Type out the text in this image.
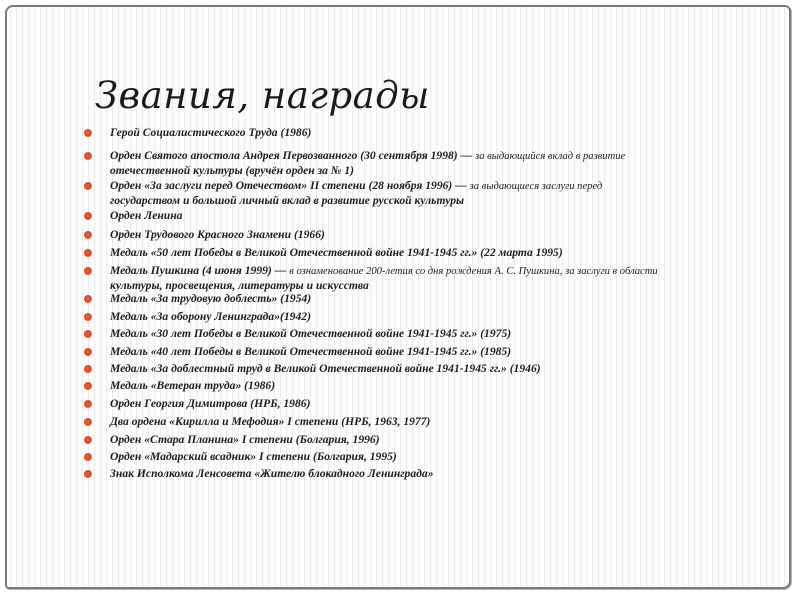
Звания, награды
Герой Социалистического Труда (1986)
Орден Святого апостола Андрея Первозванного (30 сентября 1998) — за выдающийся вклад в развитие
отечественной культуры (вручён орден за № 1)
Орден «За заслуги перед Отечеством» II степени (28 ноября 1996) — за выдающиеся заслуги перед
государством и большой личный вклад в развитие русской культуры
Орден Ленина
Орден Трудового Красного Знамени (1966)
Медаль «50 лет Победы в Великой Отечественной войне 1941-1945 гг.» (22 марта 1995)
Медаль Пушкина (4 июня 1999) — в ознаменование 200-летия со дня рождения А. С. Пушкина, за заслуги в области
культуры, просвещения, литературы и искусства
Медаль «За трудовую доблесть» (1954)
Медаль «За оборону Ленинграда»(1942)
Медаль «30 лет Победы в Великой Отечественной войне 1941-1945 гг.» (1975)
Медаль «40 лет Победы в Великой Отечественной войне 1941-1945 гг.» (1985)
Медаль «За доблестный труд в Великой Отечественной войне 1941-1945 гг.» (1946)
Медаль «Ветеран труда» (1986)
Орден Георгия Димитрова (НРБ, 1986)
Два ордена «Кирилла и Мефодия» I степени (НРБ, 1963, 1977)
Орден «Стара Планина» I степени (Болгария, 1996)
Орден «Мадарский всадник» I степени (Болгария, 1995)
Знак Исполкома Ленсовета «Жителю блокадного Ленинграда»
